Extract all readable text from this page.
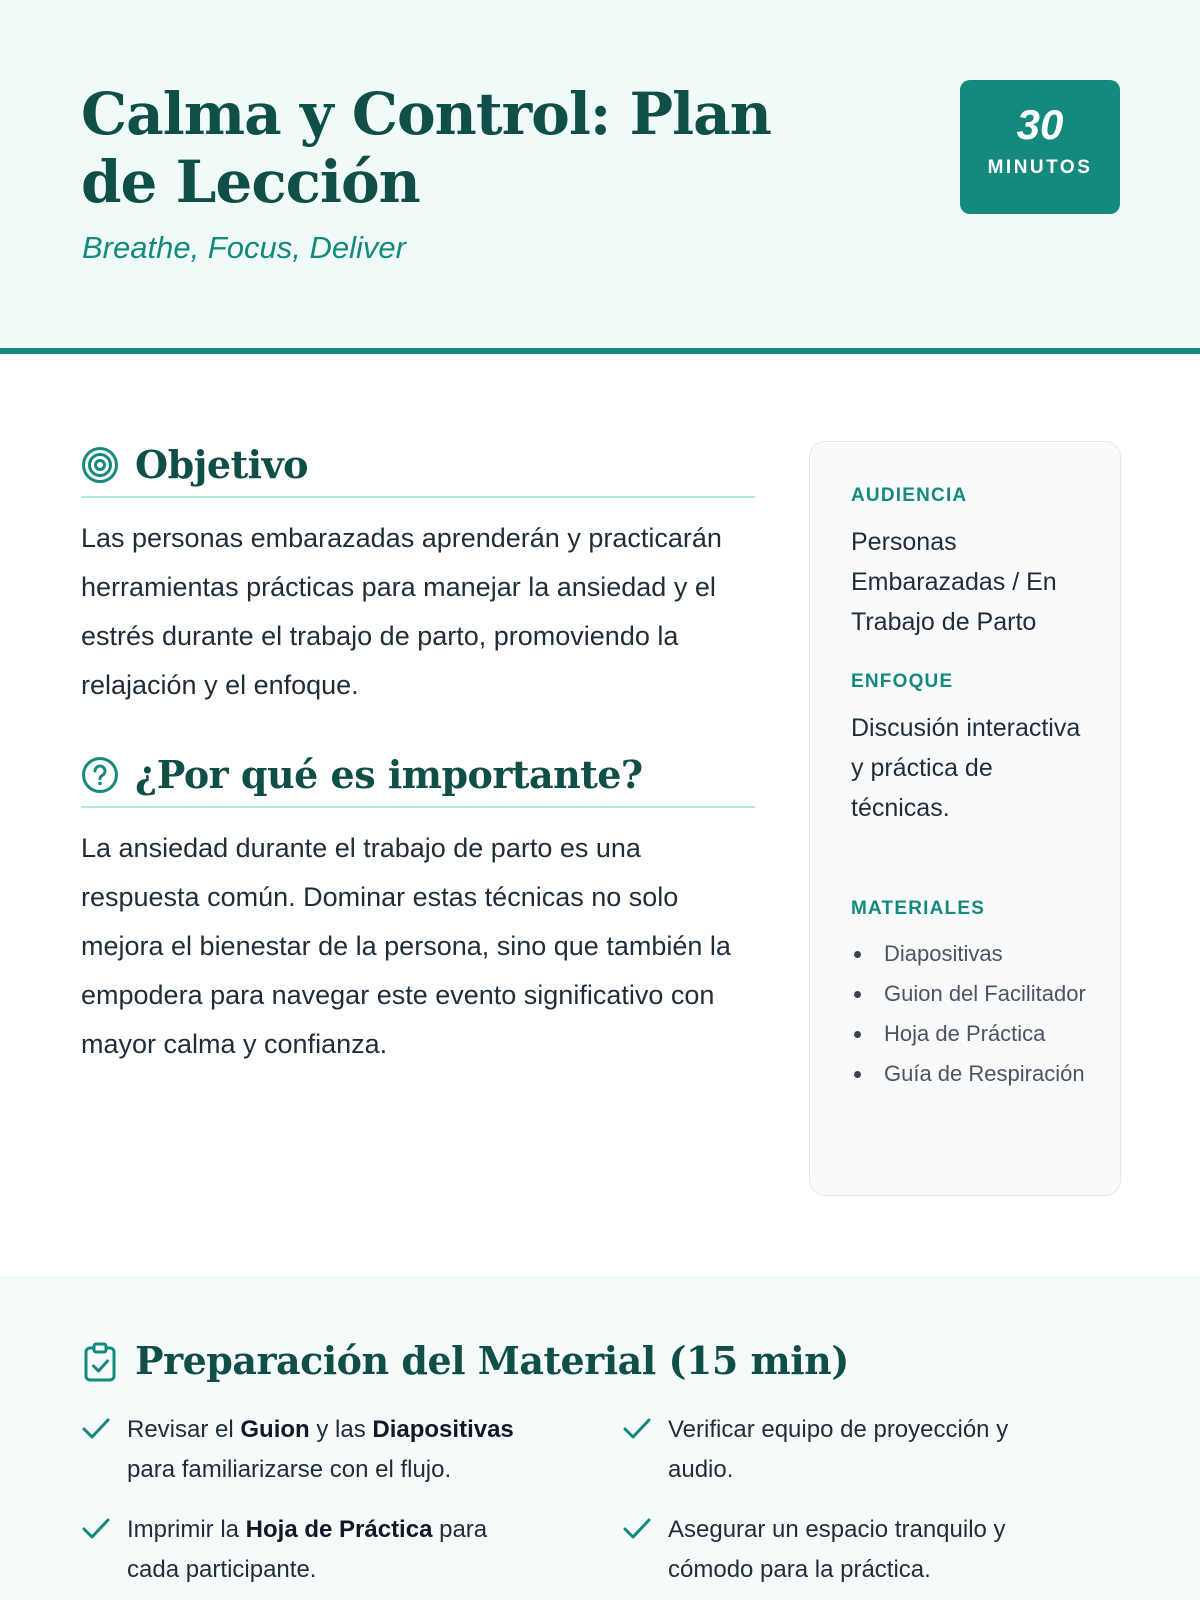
Calma y Control: Plan de Lección
Breathe, Focus, Deliver
30
MINUTOS
Objetivo

Las personas embarazadas aprenderán y practicarán herramientas prácticas para manejar la ansiedad y el estrés durante el trabajo de parto, promoviendo la relajación y el enfoque.

¿Por qué es importante?

La ansiedad durante el trabajo de parto es una respuesta común. Dominar estas técnicas no solo mejora el bienestar de la persona, sino que también la empodera para navegar este evento significativo con mayor calma y confianza.

AUDIENCIA
Personas Embarazadas / En Trabajo de Parto
ENFOQUE
Discusión interactiva y práctica de técnicas.
MATERIALES
Diapositivas
Guion del Facilitador
Hoja de Práctica
Guía de Respiración
Preparación del Material (15 min)
Revisar el Guion y las Diapositivas para familiarizarse con el flujo.
Verificar equipo de proyección y audio.
Imprimir la Hoja de Práctica para cada participante.
Asegurar un espacio tranquilo y cómodo para la práctica.
